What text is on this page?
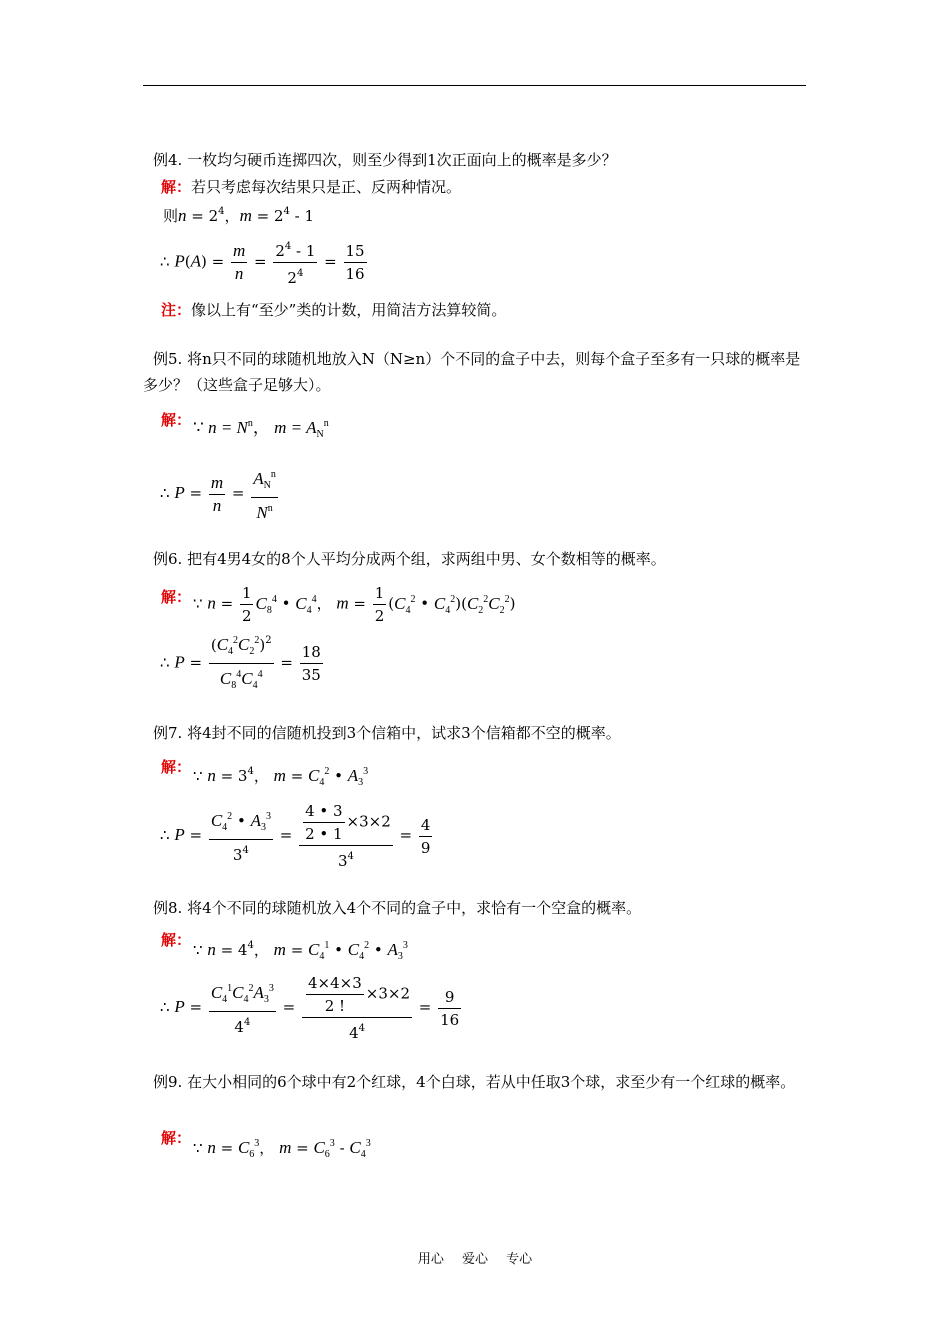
例4. 一枚均匀硬币连掷四次，则至少得到1次正面向上的概率是多少？
解：若只考虑每次结果只是正、反两种情况。
则$n = 2^4$，$m = 2^4 - 1$
∴ $P(A) = \frac{m}{n} = \frac{2^4 - 1}{2^4} = \frac{15}{16}$
注：像以上有“至少”类的计数，用简洁方法算较简。
例5. 将n只不同的球随机地放入N（N≥n）个不同的盒子中去，则每个盒子至多有一只球的概率是多少？（这些盒子足够大）。
解： ∵ $n = N^n$， $m = A_N^n$
∴ $P = \frac{m}{n} = \frac{A_N^n}{N^n}$
例6. 把有4男4女的8个人平均分成两个组，求两组中男、女个数相等的概率。
解： ∵ $n = \frac{1}{2} C_8^4$ • $C_4^4$， $m = \frac{1}{2} (C_4^2$ • $C_4^2)(C_2^2C_2^2)$
∴ $P = \frac{(C_4^2C_2^2)^2}{C_8^4C_4^4} = \frac{18}{35}$
例7. 将4封不同的信随机投到3个信箱中，试求3个信箱都不空的概率。
解： ∵ $n = 3^4$， $m = C_4^2$ • $A_3^3$
∴ $P = \frac{C_4^2 • A_3^3}{3^4} = \frac{\frac{4 • 3}{2 • 1} \times 3\times 2}{3^4} = \frac{4}{9}$
例8. 将4个不同的球随机放入4个不同的盒子中，求恰有一个空盒的概率。
解：
∵ $n = 4^4$， $m = C_4^1$ • $C_4^2$ • $A_3^3$
∴ $P = \frac{C_4^1C_4^2A_3^3}{4^4} = \frac{\frac{4\times 4\times 3}{2 !} \times 3\times 2}{4^4} = \frac{9}{16}$
例9. 在大小相同的6个球中有2个红球，4个白球，若从中任取3个球，求至少有一个红球的概率。
解：
∵ $n = C_6^3$， $m = C_6^3 - C_4^3$
用心 爱心 专心
